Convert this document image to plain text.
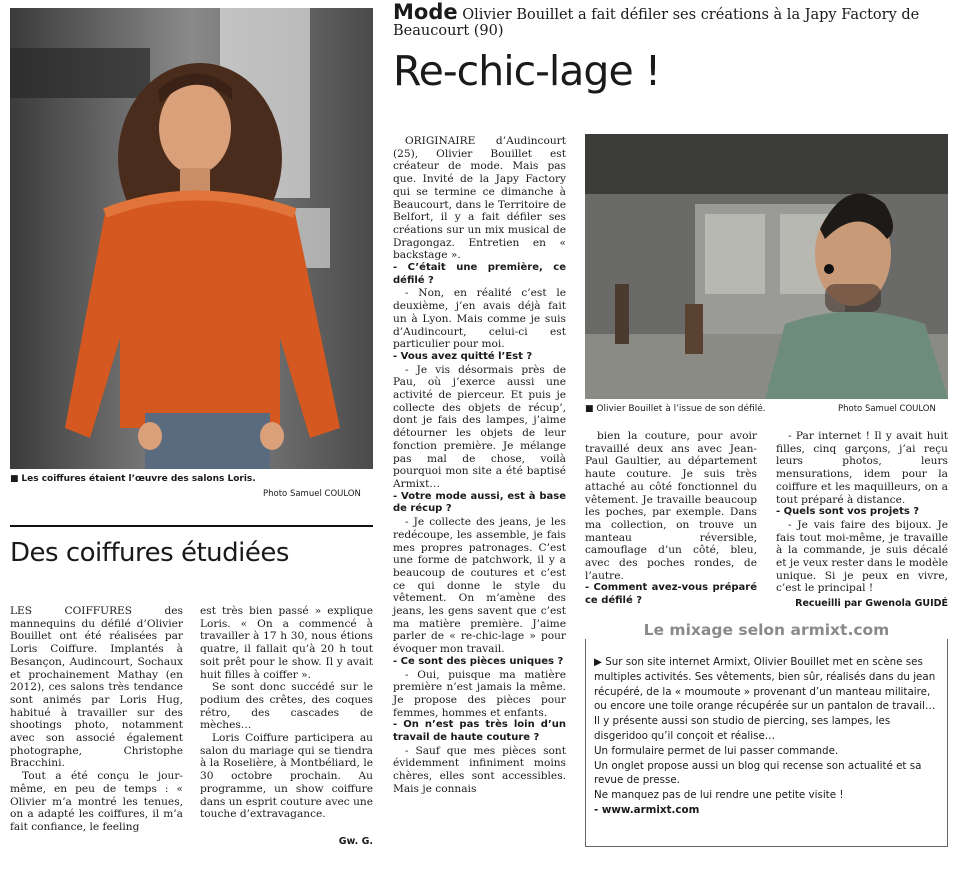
■ Les coiffures étaient l’œuvre des salons Loris.
Photo Samuel COULON
Mode Olivier Bouillet a fait défiler ses créations à la Japy Factory de Beaucourt (90)
Re-chic-lage !
■ Olivier Bouillet à l’issue de son défilé.	Photo Samuel COULON

ORIGINAIRE d’Audincourt (25), Olivier Bouillet est créateur de mode. Mais pas que. Invité de la Japy Factory qui se termine ce dimanche à Beaucourt, dans le Territoire de Belfort, il y a fait défiler ses créations sur un mix musical de Dragongaz. Entretien en « backstage ».

- C’était une première, ce défilé ?

- Non, en réalité c’est le deuxième, j’en avais déjà fait un à Lyon. Mais comme je suis d’Audincourt, celui-ci est particulier pour moi.

- Vous avez quitté l’Est ?

- Je vis désormais près de Pau, où j’exerce aussi une activité de pierceur. Et puis je collecte des objets de récup’, dont je fais des lampes, j’aime détourner les objets de leur fonction première. Je mélange pas mal de chose, voilà pourquoi mon site a été baptisé Armixt…

- Votre mode aussi, est à base de récup ?

- Je collecte des jeans, je les redécoupe, les assemble, je fais mes propres patronages. C’est une forme de patchwork, il y a beaucoup de coutures et c’est ce qui donne le style du vêtement. On m’amène des jeans, les gens savent que c’est ma matière première. J’aime parler de « re-chic-lage » pour évoquer mon travail.

- Ce sont des pièces uniques ?

- Oui, puisque ma matière première n’est jamais la même. Je propose des pièces pour femmes, hommes et enfants.

- On n’est pas très loin d’un travail de haute couture ?

- Sauf que mes pièces sont évidemment infiniment moins chères, elles sont accessibles. Mais je connais

bien la couture, pour avoir travaillé deux ans avec Jean-Paul Gaultier, au département haute couture. Je suis très attaché au côté fonctionnel du vêtement. Je travaille beaucoup les poches, par exemple. Dans ma collection, on trouve un manteau réversible, camouflage d’un côté, bleu, avec des poches rondes, de l’autre.

- Comment avez-vous préparé ce défilé ?

- Par internet ! Il y avait huit filles, cinq garçons, j’ai reçu leurs photos, leurs mensurations, idem pour la coiffure et les maquilleurs, on a tout préparé à distance.

- Quels sont vos projets ?

- Je vais faire des bijoux. Je fais tout moi-même, je travaille à la commande, je suis décalé et je veux rester dans le modèle unique. Si je peux en vivre, c’est le principal !

Recueilli par Gwenola GUIDÉ
Le mixage selon armixt.com
▶ Sur son site internet Armixt, Olivier Bouillet met en scène ses multiples activités. Ses vêtements, bien sûr, réalisés dans du jean récupéré, de la « moumoute » provenant d’un manteau militaire, ou encore une toile orange récupérée sur un pantalon de travail…
Il y présente aussi son studio de piercing, ses lampes, les disgeridoo qu’il conçoit et réalise…
Un formulaire permet de lui passer commande.
Un onglet propose aussi un blog qui recense son actualité et sa revue de presse.
Ne manquez pas de lui rendre une petite visite !
- www.armixt.com
Des coiffures étudiées

LES COIFFURES	des mannequins du défilé d’Olivier Bouillet ont été réalisées par Loris Coiffure. Implantés à Besançon, Audincourt, Sochaux et prochainement Mathay (en 2012), ces salons très tendance sont animés par Loris Hug, habitué à travailler sur des shootings photo, notamment avec son associé également photographe, Christophe Bracchini.

Tout a été conçu le jour-même, en peu de temps : « Olivier m’a montré les tenues, on a adapté les coiffures, il m’a fait confiance, le feeling

est très bien passé » explique Loris. « On a commencé à travailler à 17 h 30, nous étions quatre, il fallait qu’à 20 h tout soit prêt pour le show. Il y avait huit filles à coiffer ».

Se sont donc succédé sur le podium des crêtes, des coques rétro, des cascades de mèches…

Loris Coiffure participera au salon du mariage qui se tiendra à la Roselière, à Montbéliard, le 30 octobre prochain. Au programme, un show coiffure dans un esprit couture avec une touche d’extravagance.

Gw. G.
